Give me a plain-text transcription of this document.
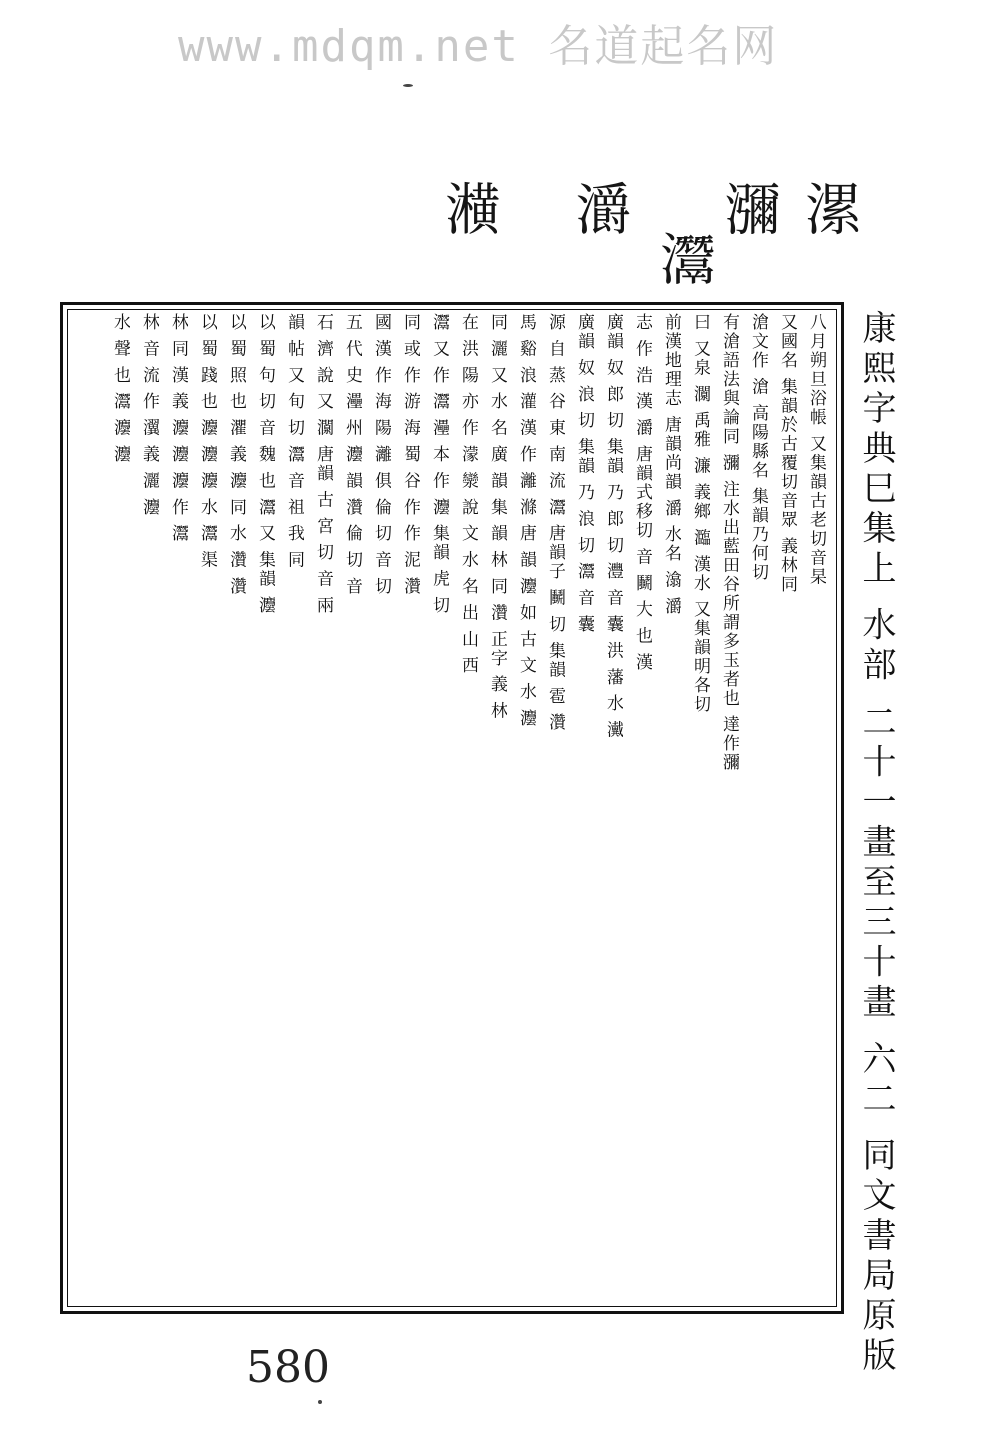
www.mdqm.net 名道起名网
漯
瀰
灊
灂
㶇
八月朔旦浴帳 又集韻古老切音杲
又國名 集韻於古覆切音眾 義林同
滄文作 滄 高陽縣名 集韻乃何切
有滄語法與論同 瀰 注水出藍田谷所謂多玉者也 達作瀰
曰 又泉 灁 禹雅 濂 義鄉 瀶 漢水 又集韻明各切
前漢地理志 唐韻尚韻 灂 水名 潝 灂
志 作 浩 漢 灂 唐韻式移切 音 鬭 大 也 漢
廣韻 奴 郎 切 集韻 乃 郎 切 灃 音 囊 洪 藩 水 瀻
廣韻 奴 浪 切 集韻 乃 浪 切 灊 音 囊
源 自 蒸 谷 東 南 流 灊 唐韻子 鬭 切 集韻 雹 灒
馬 谿 浪 灌 漢 作 灕 滌 唐 韻 灋 如 古 文 水 灋
同 灑 又 水 名 廣 韻 集 韻 林 同 灒 正字 義 林
在 洪 陽 亦 作 濛 灓 說 文 水 名 出 山 西
灊 又 作 灊 灅 本 作 灋 集韻 虎 切
同 或 作 游 海 蜀 谷 作 作 泥 灒
國 漢 作 海 陽 灕 俱 倫 切 音 切
五 代 史 灅 州 灋 韻 灒 倫 切 音
石 濟 說 又 灁 唐韻 古 宮 切 音 兩
韻 帖 又 旬 切 灊 音 祖 我 同
以 蜀 句 切 音 魏 也 灊 又 集韻 灋
以 蜀 照 也 灈 義 灋 同 水 灒 灒
以 蜀 踐 也 灋 灋 灋 水 灊 渠
林 同 漢 義 灋 灋 灋 作 灊
林 音 流 作 瀷 義 灑 灋
水 聲 也 灊 灋 灋	康熙字典巳集上 水部 二十一畫至三十畫 六二 同文書局原版
580
